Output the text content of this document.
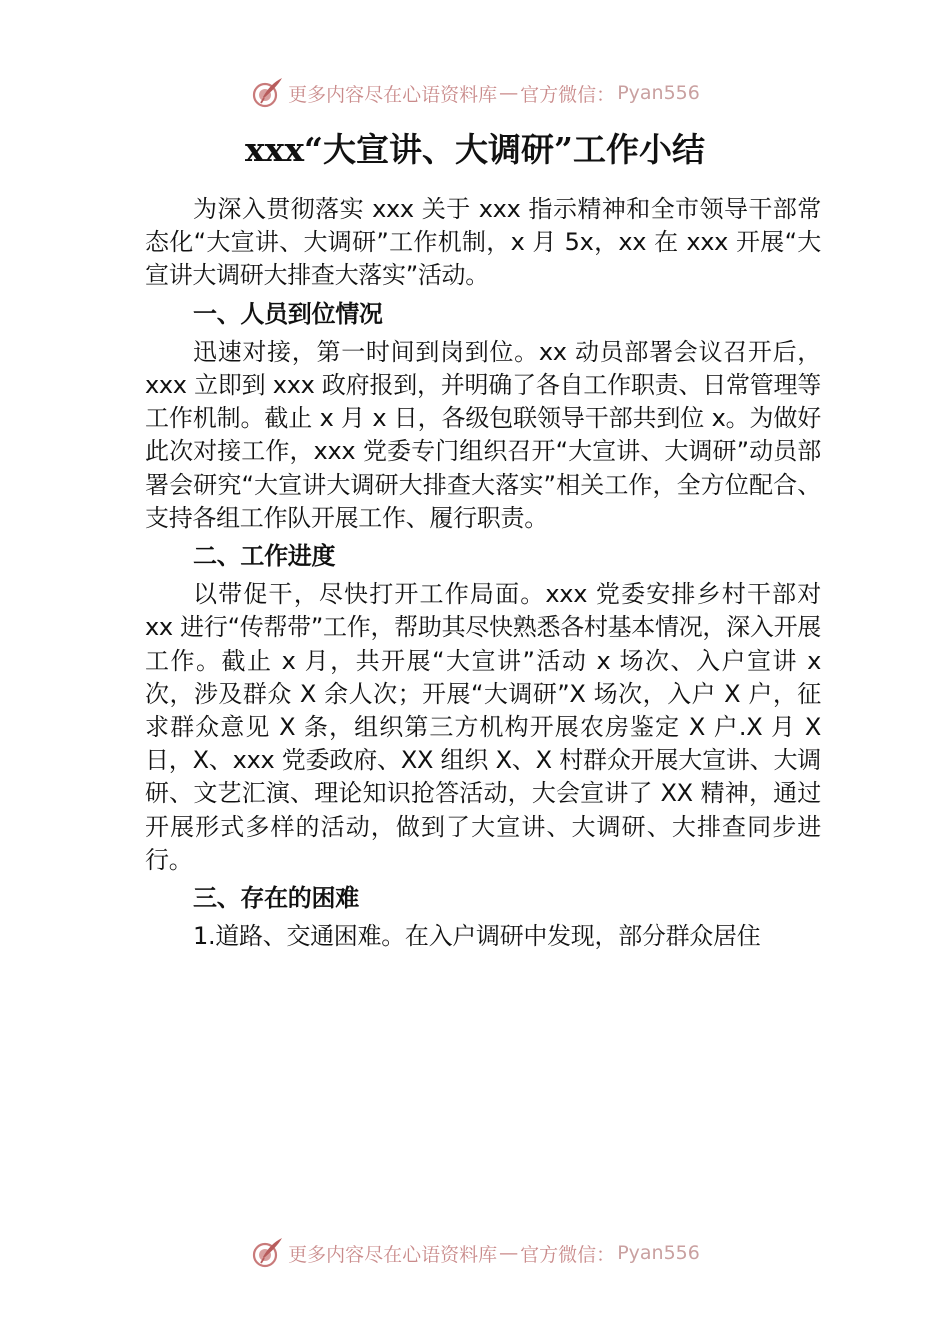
更多内容尽在心语资料库 — 官方微信： Pyan556
xxx“大宣讲、大调研”工作小结

为深入贯彻落实 xxx 关于 xxx 指示精神和全市领导干部常态化“大宣讲、大调研”工作机制，x 月 5x，xx 在 xxx 开展“大宣讲大调研大排查大落实”活动。

一、人员到位情况

迅速对接，第一时间到岗到位。xx 动员部署会议召开后，xxx 立即到 xxx 政府报到，并明确了各自工作职责、日常管理等工作机制。截止 x 月 x 日，各级包联领导干部共到位 x。为做好此次对接工作，xxx 党委专门组织召开“大宣讲、大调研”动员部署会研究“大宣讲大调研大排查大落实”相关工作，全方位配合、支持各组工作队开展工作、履行职责。

二、工作进度

以带促干，尽快打开工作局面。xxx 党委安排乡村干部对 xx 进行“传帮带”工作，帮助其尽快熟悉各村基本情况，深入开展工作。截止 x 月，共开展“大宣讲”活动 x 场次、入户宣讲 x 次，涉及群众 X 余人次；开展“大调研”X 场次，入户 X 户，征求群众意见 X 条，组织第三方机构开展农房鉴定 X 户.X 月 X 日，X、xxx 党委政府、XX 组织 X、X 村群众开展大宣讲、大调研、文艺汇演、理论知识抢答活动，大会宣讲了 XX 精神，通过开展形式多样的活动，做到了大宣讲、大调研、大排查同步进行。

三、存在的困难

1.道路、交通困难。在入户调研中发现，部分群众居住

更多内容尽在心语资料库 — 官方微信： Pyan556
